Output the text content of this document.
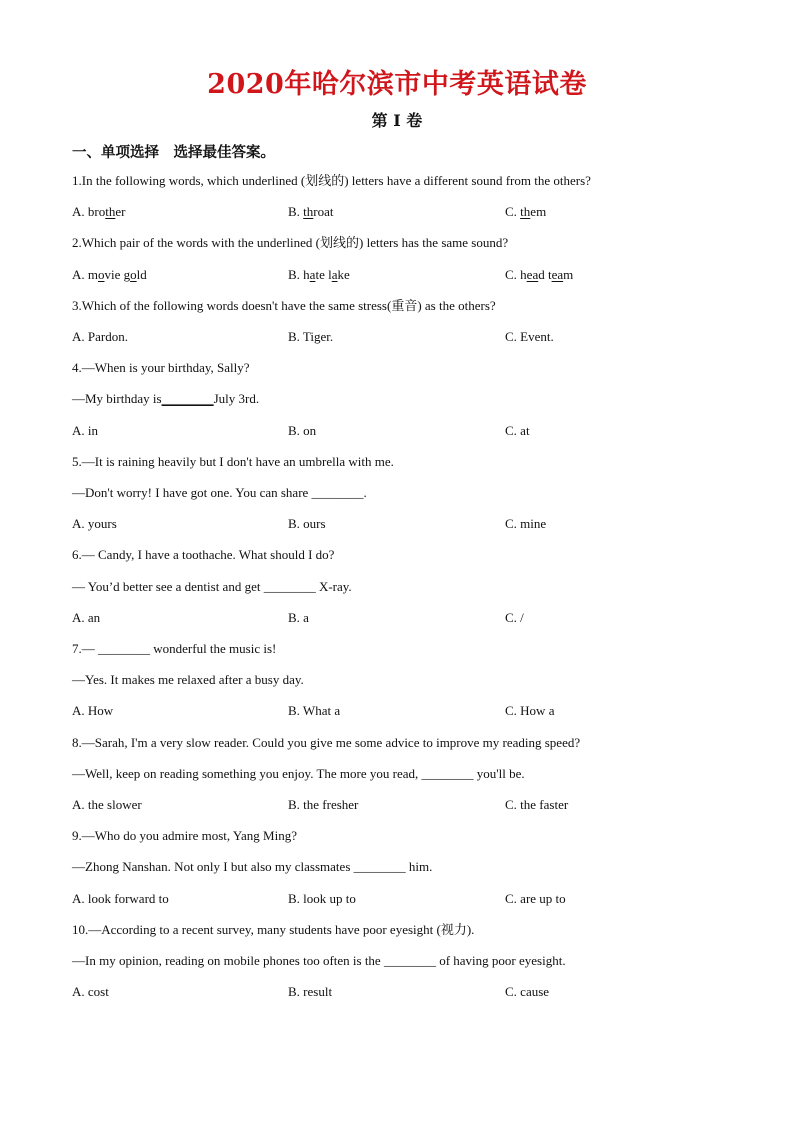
2020年哈尔滨市中考英语试卷
第 I 卷
一、单项选择　选择最佳答案。
1.In the following words, which underlined (划线的) letters have a different sound from the others?
A. brother	B. throat	C. them
2.Which pair of the words with the underlined (划线的) letters has the same sound?
A. movie gold	B. hate lake	C. head team
3.Which of the following words doesn't have the same stress(重音) as the others?
A. Pardon.	B. Tiger.	C. Event.
4.—When is your birthday, Sally?
—My birthday is________July 3rd.
A. in	B. on	C. at
5.—It is raining heavily but I don't have an umbrella with me.
—Don't worry! I have got one. You can share ________.
A. yours	B. ours	C. mine
6.— Candy, I have a toothache. What should I do?
— You’d better see a dentist and get ________ X-ray.
A. an	B. a	C. /
7.— ________ wonderful the music is!
—Yes. It makes me relaxed after a busy day.
A. How	B. What a	C. How a
8.—Sarah, I'm a very slow reader. Could you give me some advice to improve my reading speed?
—Well, keep on reading something you enjoy. The more you read, ________ you'll be.
A. the slower	B. the fresher	C. the faster
9.—Who do you admire most, Yang Ming?
—Zhong Nanshan. Not only I but also my classmates ________ him.
A. look forward to	B. look up to	C. are up to
10.—According to a recent survey, many students have poor eyesight (视力).
—In my opinion, reading on mobile phones too often is the ________ of having poor eyesight.
A. cost	B. result	C. cause
